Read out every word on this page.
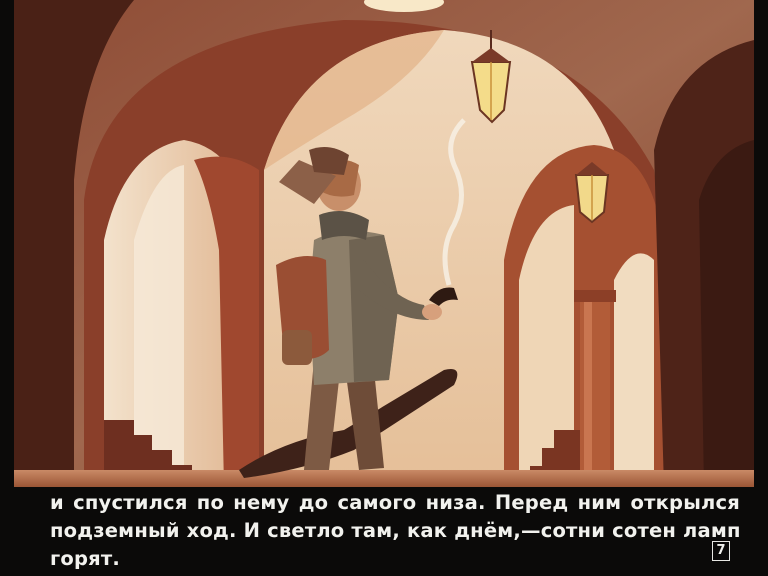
и спустился по нему до самого низа. Перед ним открылся
подземный ход. И светло там, как днём,—сотни сотен ламп
горят.	7
